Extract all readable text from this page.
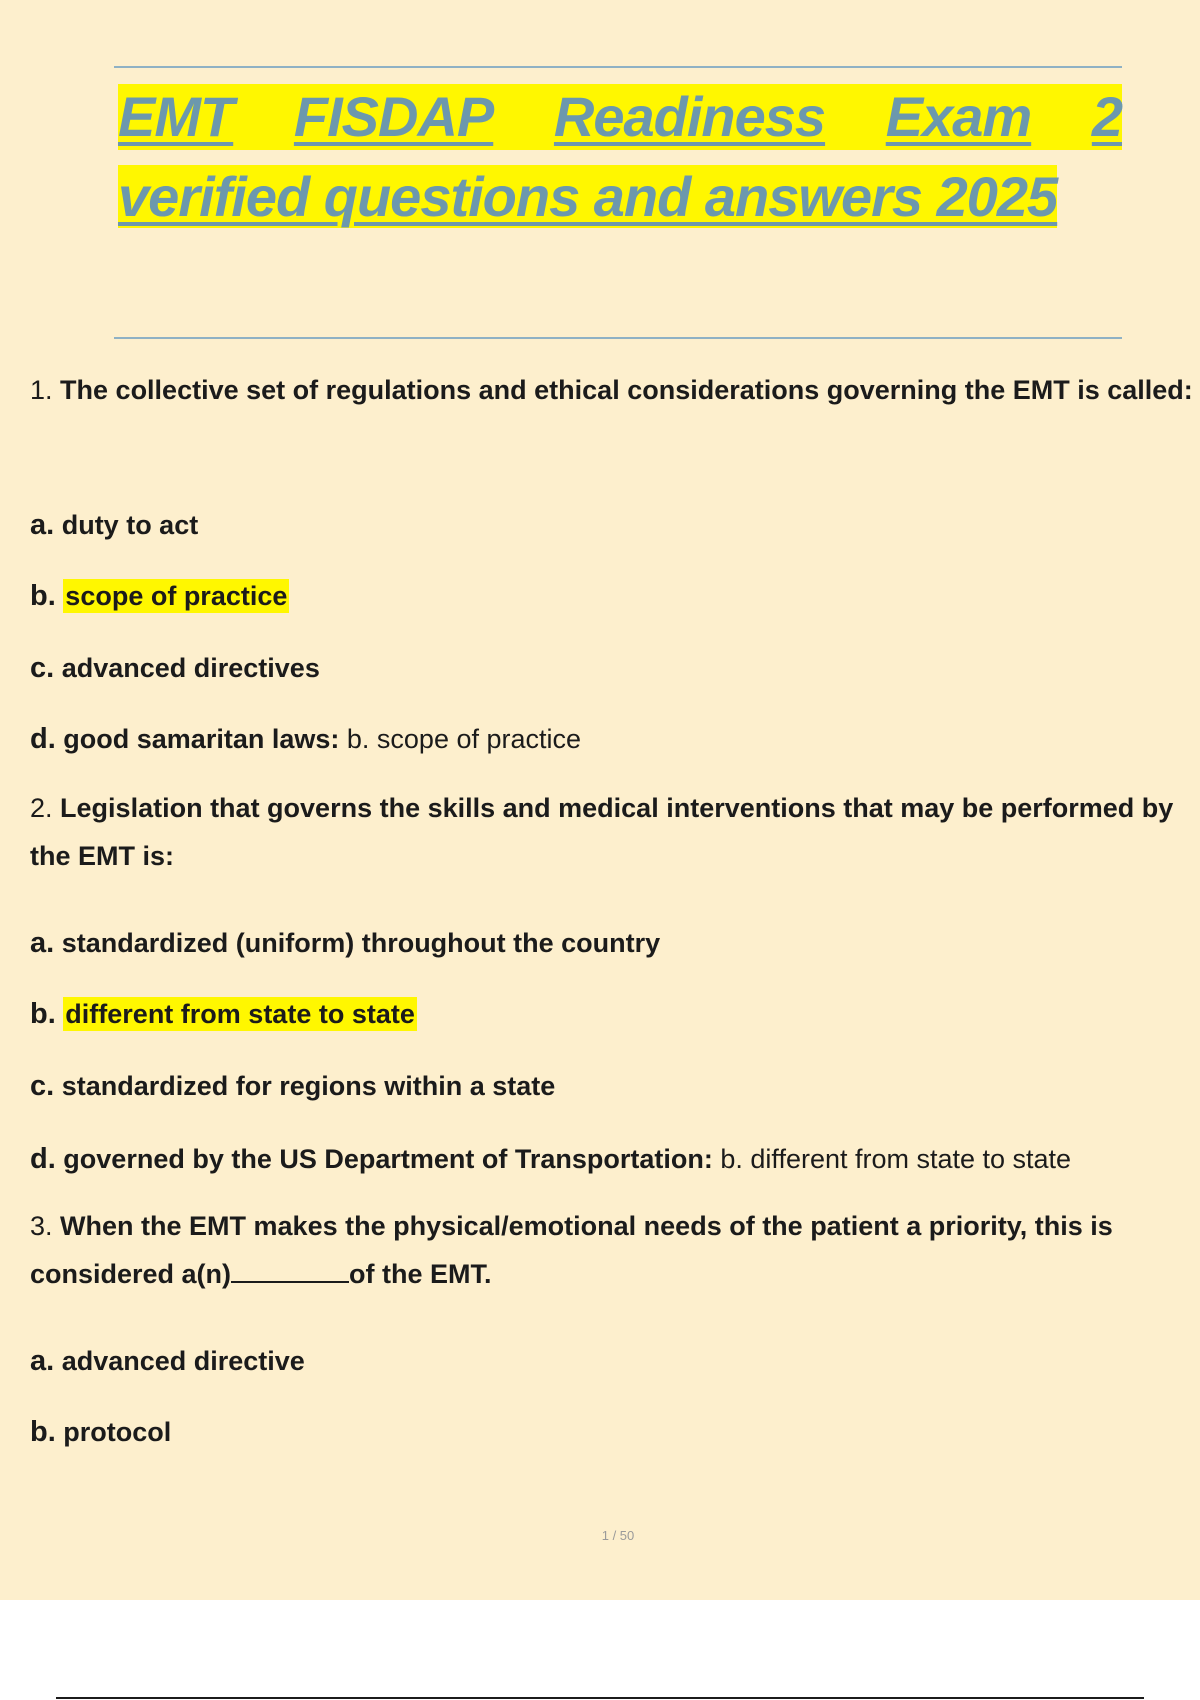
EMT FISDAP Readiness Exam 2
verified questions and answers 2025
1. The collective set of regulations and ethical considerations governing the EMT is called:
a. duty to act
b. scope of practice
c. advanced directives
d. good samaritan laws: b. scope of practice
2. Legislation that governs the skills and medical interventions that may be performed by the EMT is:
a. standardized (uniform) throughout the country
b. different from state to state
c. standardized for regions within a state
d. governed by the US Department of Transportation: b. different from state to state
3. When the EMT makes the physical/emotional needs of the patient a priority, this is considered a(n)	of the EMT.
a. advanced directive
b. protocol
1 / 50
